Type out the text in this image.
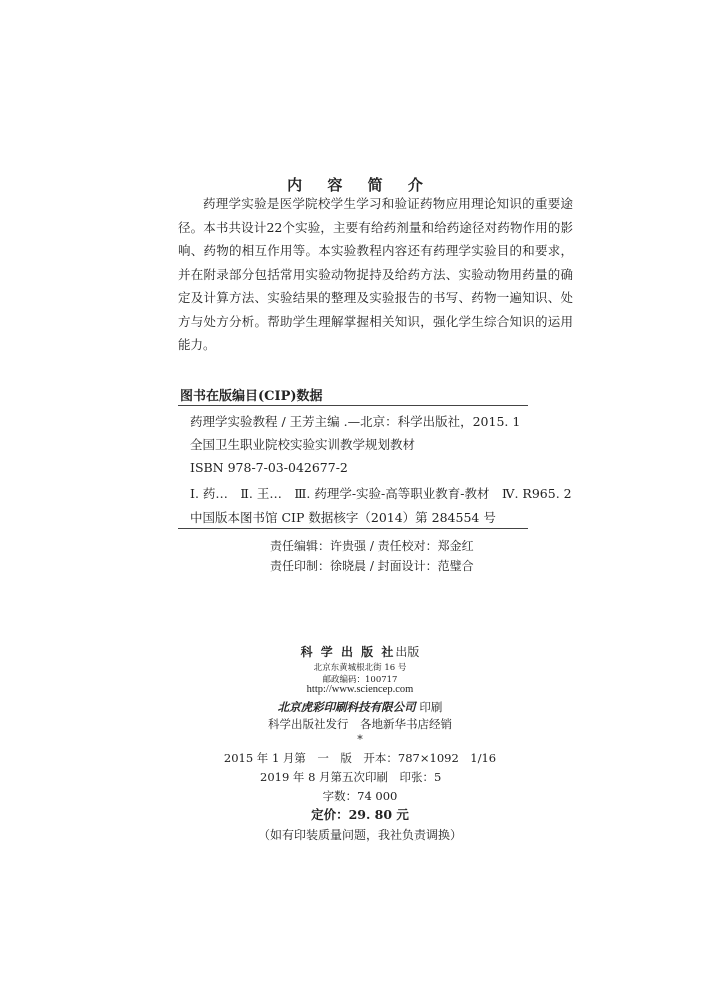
内 容 简 介
药理学实验是医学院校学生学习和验证药物应用理论知识的重要途径。本书共设计22个实验，主要有给药剂量和给药途径对药物作用的影响、药物的相互作用等。本实验教程内容还有药理学实验目的和要求，并在附录部分包括常用实验动物捉持及给药方法、实验动物用药量的确定及计算方法、实验结果的整理及实验报告的书写、药物一遍知识、处方与处方分析。帮助学生理解掌握相关知识，强化学生综合知识的运用能力。
图书在版编目(CIP)数据
药理学实验教程 / 王芳主编 .—北京：科学出版社，2015. 1
全国卫生职业院校实验实训教学规划教材
ISBN 978-7-03-042677-2
Ⅰ. 药…　Ⅱ. 王…　Ⅲ. 药理学-实验-高等职业教育-教材　Ⅳ. R965. 2
中国版本图书馆 CIP 数据核字（2014）第 284554 号
责任编辑：许贵强 / 责任校对：郑金红
责任印制：徐晓晨 / 封面设计：范璧合
科 学 出 版 社出版
北京东黄城根北街 16 号
邮政编码：100717
http://www.sciencep.com
北京虎彩印刷科技有限公司 印刷
科学出版社发行　各地新华书店经销
*
2015 年 1 月第　一　版　开本：787×1092　1/16
2019 年 8 月第五次印刷　印张：5
字数：74 000
定价：29. 80 元
（如有印装质量问题，我社负责调换）
